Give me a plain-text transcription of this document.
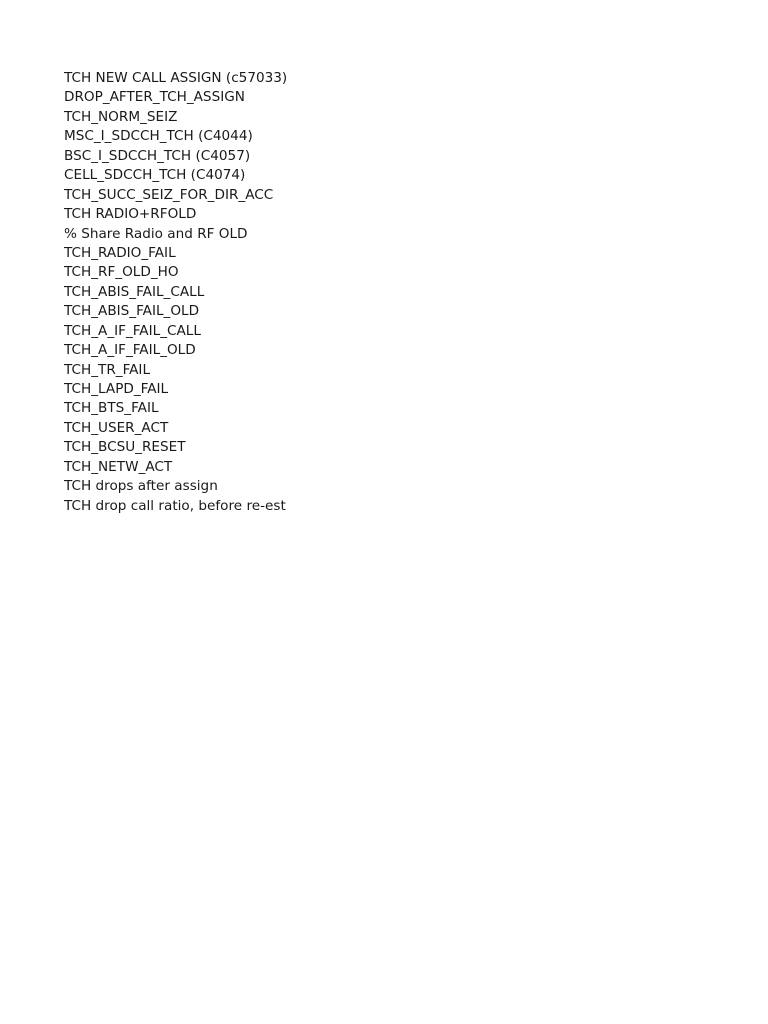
TCH NEW CALL ASSIGN (c57033)
DROP_AFTER_TCH_ASSIGN
TCH_NORM_SEIZ
MSC_I_SDCCH_TCH (C4044)
BSC_I_SDCCH_TCH (C4057)
CELL_SDCCH_TCH (C4074)
TCH_SUCC_SEIZ_FOR_DIR_ACC
TCH RADIO+RFOLD
% Share Radio and RF OLD
TCH_RADIO_FAIL
TCH_RF_OLD_HO
TCH_ABIS_FAIL_CALL
TCH_ABIS_FAIL_OLD
TCH_A_IF_FAIL_CALL
TCH_A_IF_FAIL_OLD
TCH_TR_FAIL
TCH_LAPD_FAIL
TCH_BTS_FAIL
TCH_USER_ACT
TCH_BCSU_RESET
TCH_NETW_ACT
TCH drops after assign
TCH drop call ratio, before re-est
